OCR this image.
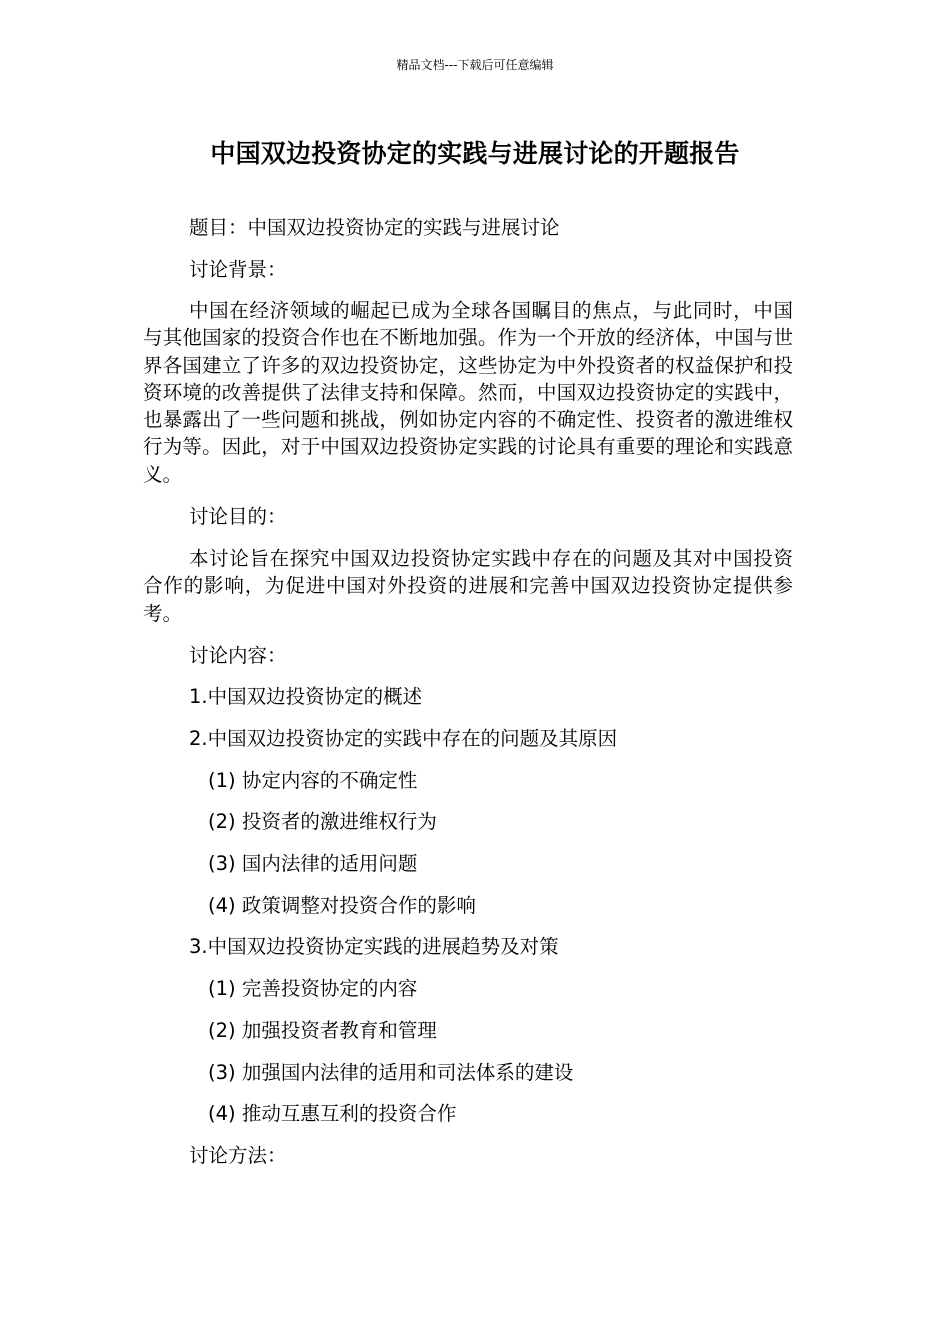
精品文档---下载后可任意编辑
中国双边投资协定的实践与进展讨论的开题报告
题目：中国双边投资协定的实践与进展讨论
讨论背景：
中国在经济领域的崛起已成为全球各国瞩目的焦点，与此同时，中国与其他国家的投资合作也在不断地加强。作为一个开放的经济体，中国与世界各国建立了许多的双边投资协定，这些协定为中外投资者的权益保护和投资环境的改善提供了法律支持和保障。然而，中国双边投资协定的实践中，也暴露出了一些问题和挑战，例如协定内容的不确定性、投资者的激进维权行为等。因此，对于中国双边投资协定实践的讨论具有重要的理论和实践意义。
讨论目的：
本讨论旨在探究中国双边投资协定实践中存在的问题及其对中国投资合作的影响，为促进中国对外投资的进展和完善中国双边投资协定提供参考。
讨论内容：
1.中国双边投资协定的概述
2.中国双边投资协定的实践中存在的问题及其原因
(1) 协定内容的不确定性
(2) 投资者的激进维权行为
(3) 国内法律的适用问题
(4) 政策调整对投资合作的影响
3.中国双边投资协定实践的进展趋势及对策
(1) 完善投资协定的内容
(2) 加强投资者教育和管理
(3) 加强国内法律的适用和司法体系的建设
(4) 推动互惠互利的投资合作
讨论方法：
